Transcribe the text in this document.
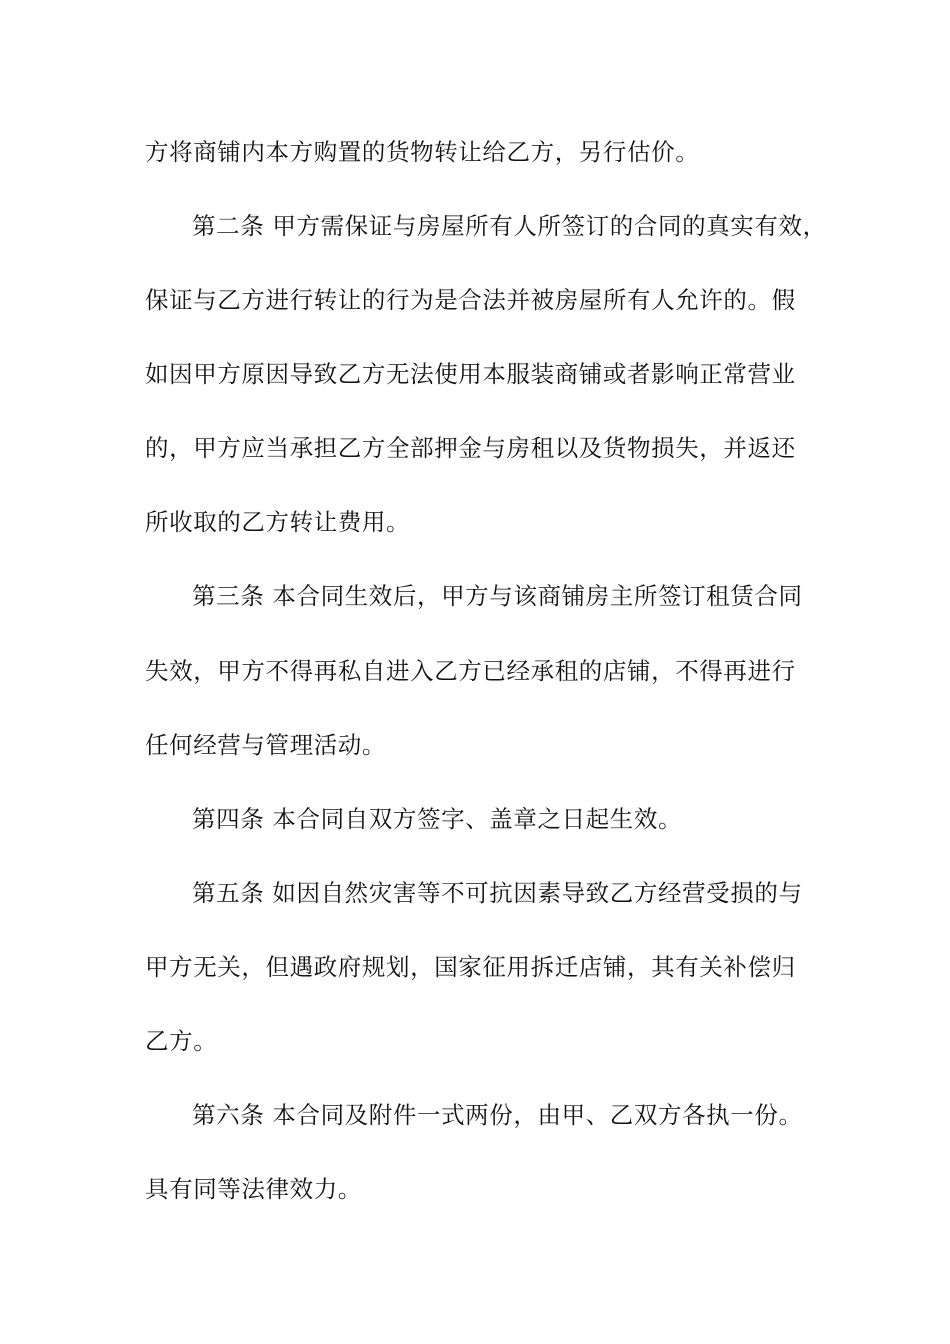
方将商铺内本方购置的货物转让给乙方，另行估价。
第二条 甲方需保证与房屋所有人所签订的合同的真实有效，
保证与乙方进行转让的行为是合法并被房屋所有人允许的。假
如因甲方原因导致乙方无法使用本服装商铺或者影响正常营业
的，甲方应当承担乙方全部押金与房租以及货物损失，并返还
所收取的乙方转让费用。
第三条 本合同生效后，甲方与该商铺房主所签订租赁合同
失效，甲方不得再私自进入乙方已经承租的店铺，不得再进行
任何经营与管理活动。
第四条 本合同自双方签字、盖章之日起生效。
第五条 如因自然灾害等不可抗因素导致乙方经营受损的与
甲方无关，但遇政府规划，国家征用拆迁店铺，其有关补偿归
乙方。
第六条 本合同及附件一式两份，由甲、乙双方各执一份。
具有同等法律效力。
